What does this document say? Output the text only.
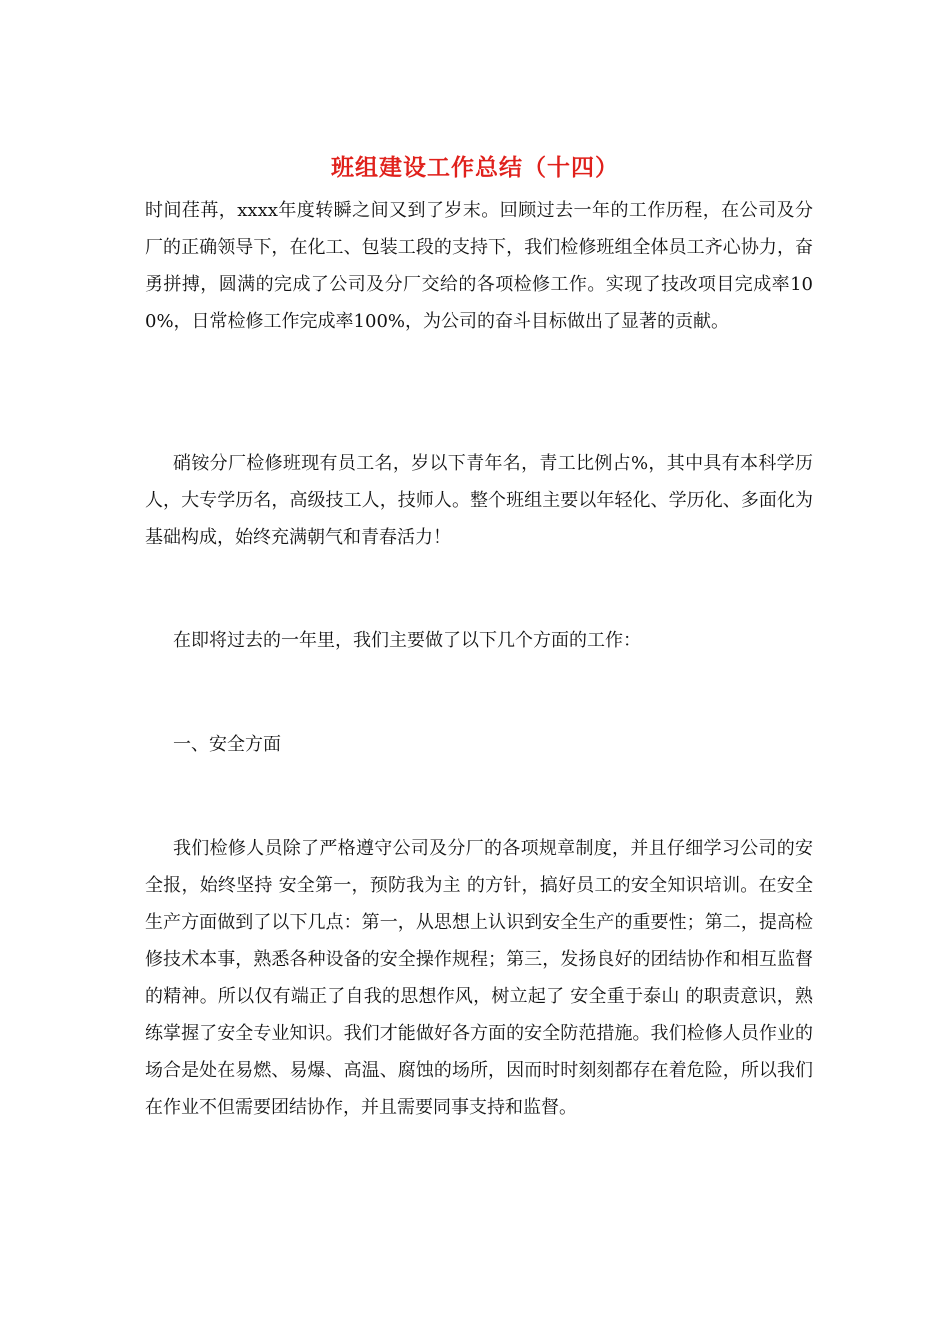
班组建设工作总结（十四）

时间荏苒，xxxx年度转瞬之间又到了岁末。回顾过去一年的工作历程，在公司及分厂的正确领导下，在化工、包装工段的支持下，我们检修班组全体员工齐心协力，奋勇拼搏，圆满的完成了公司及分厂交给的各项检修工作。实现了技改项目完成率100%，日常检修工作完成率100%，为公司的奋斗目标做出了显著的贡献。

硝铵分厂检修班现有员工名，岁以下青年名，青工比例占%，其中具有本科学历人，大专学历名，高级技工人，技师人。整个班组主要以年轻化、学历化、多面化为基础构成，始终充满朝气和青春活力！

在即将过去的一年里，我们主要做了以下几个方面的工作：

一、安全方面

我们检修人员除了严格遵守公司及分厂的各项规章制度，并且仔细学习公司的安全报，始终坚持 安全第一，预防我为主 的方针，搞好员工的安全知识培训。在安全生产方面做到了以下几点：第一，从思想上认识到安全生产的重要性；第二，提高检修技术本事，熟悉各种设备的安全操作规程；第三，发扬良好的团结协作和相互监督的精神。所以仅有端正了自我的思想作风，树立起了 安全重于泰山 的职责意识，熟练掌握了安全专业知识。我们才能做好各方面的安全防范措施。我们检修人员作业的场合是处在易燃、易爆、高温、腐蚀的场所，因而时时刻刻都存在着危险，所以我们在作业不但需要团结协作，并且需要同事支持和监督。
